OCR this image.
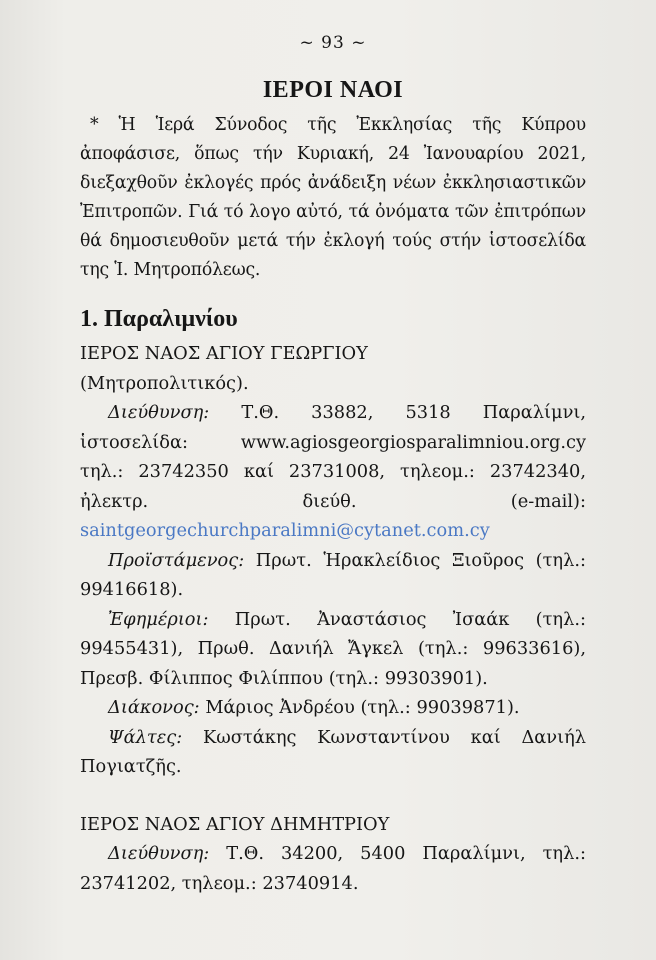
~ 93 ~

ΙΕΡΟΙ ΝΑΟΙ

* Ἡ Ἱερά Σύνοδος τῆς Ἐκκλησίας τῆς Κύπρου ἀποφάσισε, ὅπως τήν Κυριακή, 24 Ἰανουαρίου 2021, διεξαχθοῦν ἐκλογές πρός ἀνάδειξη νέων ἐκκλησιαστικῶν Ἐπιτροπῶν. Γιά τό λογο αὐτό, τά ὀνόματα τῶν ἐπιτρόπων θά δημοσιευθοῦν μετά τήν ἐκλογή τούς στήν ἱστοσελίδα της Ἱ. Μητροπόλεως.

1. Παραλιμνίου

ΙΕΡΟΣ ΝΑΟΣ ΑΓΙΟΥ ΓΕΩΡΓΙΟΥ

(Μητροπολιτικός).

Διεύθυνση: Τ.Θ. 33882, 5318 Παραλίμνι, ἱστοσελίδα: www.agiosgeorgiosparalimniou.org.cy τηλ.: 23742350 καί 23731008, τηλεομ.: 23742340, ἠλεκτρ. διεύθ. (e-mail): saintgeorgechurchparalimni@cytanet.com.cy

Προϊστάμενος: Πρωτ. Ἡρακλείδιος Ξιοῦρος (τηλ.: 99416618).

Ἐφημέριοι: Πρωτ. Ἀναστάσιος Ἰσαάκ (τηλ.: 99455431), Πρωθ. Δανιήλ Ἄγκελ (τηλ.: 99633616), Πρεσβ. Φίλιππος Φιλίππου (τηλ.: 99303901).

Διάκονος: Μάριος Ἀνδρέου (τηλ.: 99039871).

Ψάλτες: Κωστάκης Κωνσταντίνου καί Δανιήλ Πογιατζῆς.

ΙΕΡΟΣ ΝΑΟΣ ΑΓΙΟΥ ΔΗΜΗΤΡΙΟΥ

Διεύθυνση: Τ.Θ. 34200, 5400 Παραλίμνι, τηλ.: 23741202, τηλεομ.: 23740914.
